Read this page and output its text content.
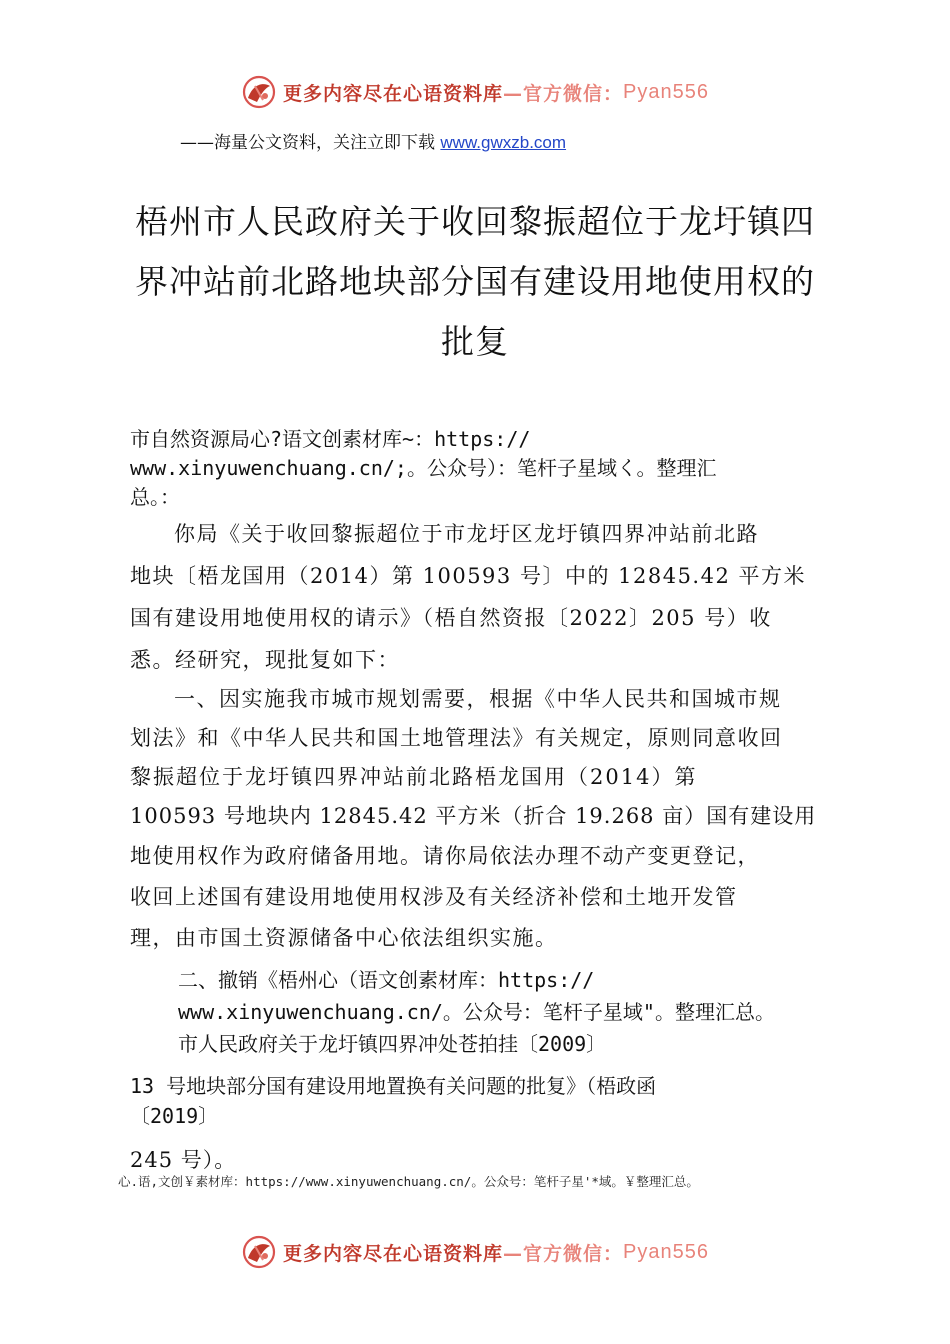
更多内容尽在心语资料库 —官方微信： Pyan556
——海量公文资料，关注立即下载 www.gwxzb.com
梧州市人民政府关于收回黎振超位于龙圩镇四
界冲站前北路地块部分国有建设用地使用权的
批复
市自然资源局心?语文创素材库~：https://
www.xinyuwenchuang.cn/;。公众号）：笔杆子星域く。整理汇
总。：
你局《关于收回黎振超位于市龙圩区龙圩镇四界冲站前北路
地块〔梧龙国用（2014）第 100593 号〕中的 12845.42 平方米
国有建设用地使用权的请示》（梧自然资报〔2022〕205 号）收
悉。经研究，现批复如下：
一、因实施我市城市规划需要，根据《中华人民共和国城市规
划法》和《中华人民共和国土地管理法》有关规定，原则同意收回
黎振超位于龙圩镇四界冲站前北路梧龙国用（2014）第
100593 号地块内 12845.42 平方米（折合 19.268 亩）国有建设用
地使用权作为政府储备用地。请你局依法办理不动产变更登记，
收回上述国有建设用地使用权涉及有关经济补偿和土地开发管
理，由市国土资源储备中心依法组织实施。
二、撤销《梧州心（语文创素材库：https://
www.xinyuwenchuang.cn/。公众号：笔杆子星域"。整理汇总。
市人民政府关于龙圩镇四界冲处苍拍挂〔2009〕
13 号地块部分国有建设用地置换有关问题的批复》（梧政函
〔2019〕
245 号）。
心.语,文创￥素材库：https://www.xinyuwenchuang.cn/。公众号：笔杆子星'*域。￥整理汇总。
更多内容尽在心语资料库 —官方微信： Pyan556
